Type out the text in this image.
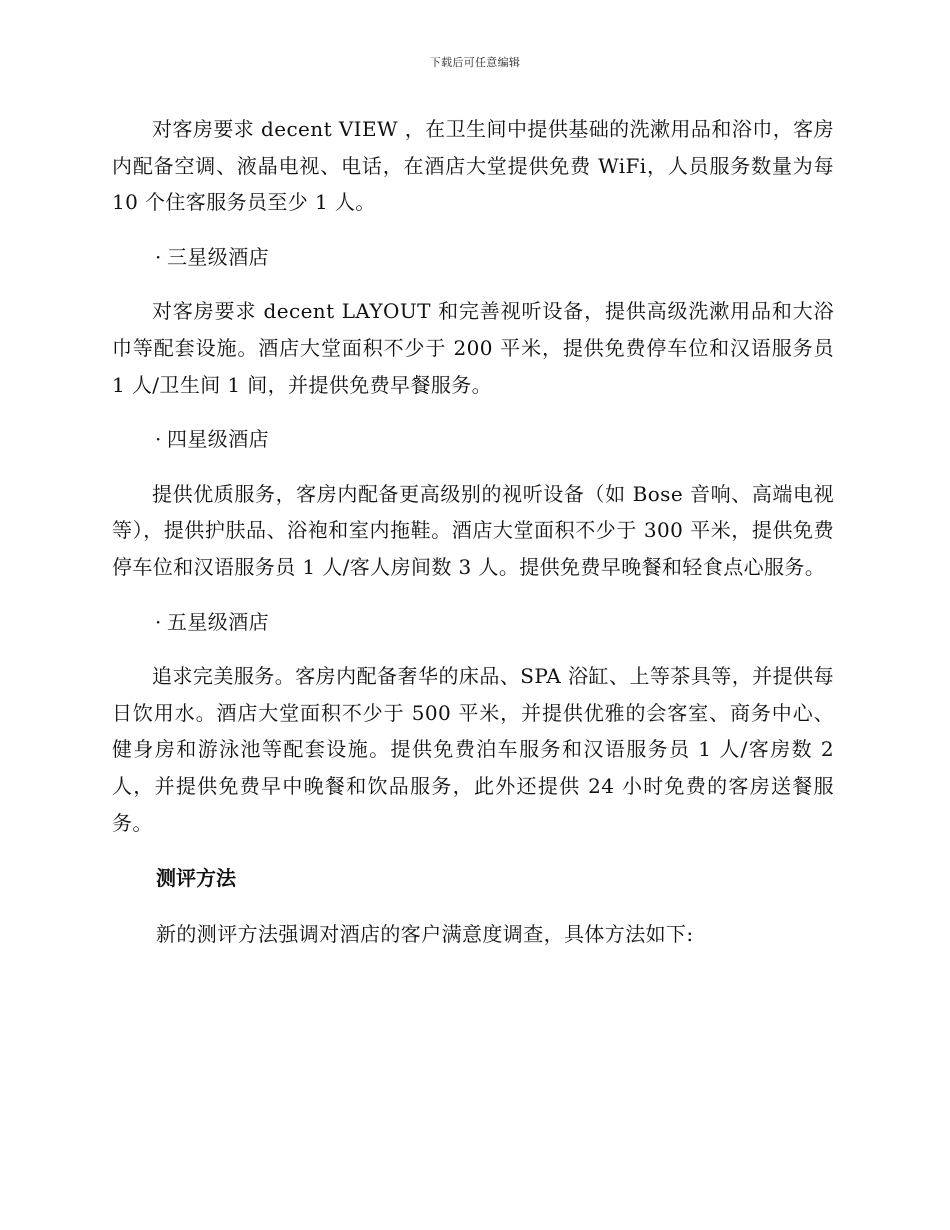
下载后可任意编辑

对客房要求 decent VIEW ，在卫生间中提供基础的洗漱用品和浴巾，客房内配备空调、液晶电视、电话，在酒店大堂提供免费 WiFi，人员服务数量为每 10 个住客服务员至少 1 人。

· 三星级酒店

对客房要求 decent LAYOUT 和完善视听设备，提供高级洗漱用品和大浴巾等配套设施。酒店大堂面积不少于 200 平米，提供免费停车位和汉语服务员 1 人/卫生间 1 间，并提供免费早餐服务。

· 四星级酒店

提供优质服务，客房内配备更高级别的视听设备（如 Bose 音响、高端电视等），提供护肤品、浴袍和室内拖鞋。酒店大堂面积不少于 300 平米，提供免费停车位和汉语服务员 1 人/客人房间数 3 人。提供免费早晚餐和轻食点心服务。

· 五星级酒店

追求完美服务。客房内配备奢华的床品、SPA 浴缸、上等茶具等，并提供每日饮用水。酒店大堂面积不少于 500 平米，并提供优雅的会客室、商务中心、健身房和游泳池等配套设施。提供免费泊车服务和汉语服务员 1 人/客房数 2 人，并提供免费早中晚餐和饮品服务，此外还提供 24 小时免费的客房送餐服务。

测评方法

新的测评方法强调对酒店的客户满意度调查，具体方法如下:
